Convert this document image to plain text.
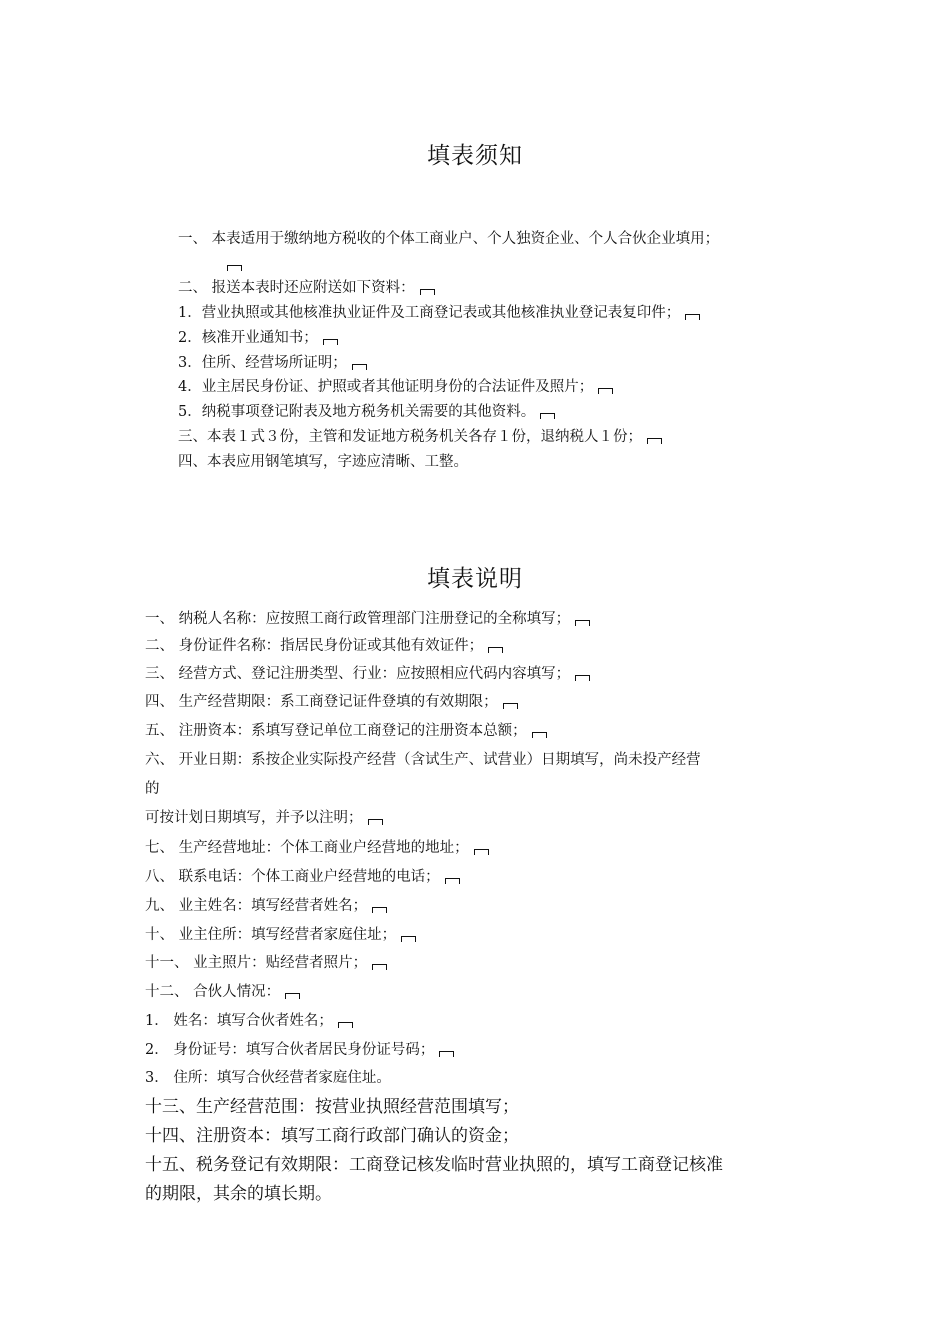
填表须知
一、 本表适用于缴纳地方税收的个体工商业户、个人独资企业、个人合伙企业填用；
二、 报送本表时还应附送如下资料：
1．营业执照或其他核准执业证件及工商登记表或其他核准执业登记表复印件；
2．核准开业通知书；
3．住所、经营场所证明；
4．业主居民身份证、护照或者其他证明身份的合法证件及照片；
5．纳税事项登记附表及地方税务机关需要的其他资料。
三、本表１式３份，主管和发证地方税务机关各存１份，退纳税人１份；
四、本表应用钢笔填写，字迹应清晰、工整。
填表说明
一、 纳税人名称：应按照工商行政管理部门注册登记的全称填写；
二、 身份证件名称：指居民身份证或其他有效证件；
三、 经营方式、登记注册类型、行业：应按照相应代码内容填写；
四、 生产经营期限：系工商登记证件登填的有效期限；
五、 注册资本：系填写登记单位工商登记的注册资本总额；
六、 开业日期：系按企业实际投产经营（含试生产、试营业）日期填写，尚未投产经营
的
可按计划日期填写，并予以注明；
七、 生产经营地址：个体工商业户经营地的地址；
八、 联系电话：个体工商业户经营地的电话；
九、 业主姓名：填写经营者姓名；
十、 业主住所：填写经营者家庭住址；
十一、 业主照片：贴经营者照片；
十二、 合伙人情况：
1． 姓名：填写合伙者姓名；
2． 身份证号：填写合伙者居民身份证号码；
3． 住所：填写合伙经营者家庭住址。
十三、生产经营范围：按营业执照经营范围填写；
十四、注册资本：填写工商行政部门确认的资金；
十五、税务登记有效期限：工商登记核发临时营业执照的，填写工商登记核准
的期限，其余的填长期。
